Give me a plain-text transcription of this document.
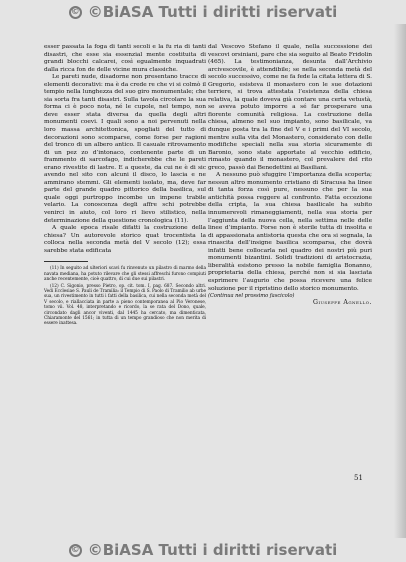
© ©BiASA Tutti i diritti riservati

esser passata la foga di tanti secoli e la fu ria di tanti disastri, che esse sia essenzial mente costituita di grandi blocchi calcarei, così egualmente inquadrati dalla ricca fon de delle vicine mura classiche.

Le pareti nude, disadorne non presentano tracce di elementi decorativi: ma è da crede re che vi si colmò il tempio nella lunghezza del suo giro monumentale; che sia sorta fra tanti disastri. Sulla tavola circolare la sua forma ci è poco nota, né le cupole, nel tempo, non deve esser stata diversa da quella degli altri monumenti coevi. I quali sono a noi pervenuti nella loro massa architettonica, spogliati del tutto di decorazioni sono scomparse, come forse per ragioni del tronco di un albero antico. Il casuale ritrovamento di un pez zo d’intonaco, contenente parte di un frammento di sarcofago, indicherebbe che le pareti erano rivestite di lastre. E a queste, da cui ne è di sic avendo nel sito con alcuni il disco, lo lascia e ne ammirano stemmi. Gli elementi isolato, ma, deve far parte del grande quadro pittorico della basilica, sul quale oggi purtroppo incombe un impene trabile velario. La conoscenza degli affre schi potrebbe venirci in aiuto, col loro ri lievo stilistico, nella determinazione della questione cronologica (11).

A quale epoca risale difatti la costruzione della chiesa? Un autorevole storico quat trocentista la colloca nella seconda metà del V secolo (12); essa sarebbe stata edificata

(11) In seguito ad ulteriori scavi fu rinvenuto un pilastro di marmo della navata mediana, ha potuto rilevare che gli stessi affreschi furono compiuti anche recentemente, cioè quattro, di cui due sui pilastri.

(12) C. Sigonio, presso Pietro, op. cit. tom. I, pag. 687. Secondo altri. Vedi Ecclesiae S. Pauli de Tramilia: il Tempio di S. Paolo di Tramilio ab urbe sua, un rivestimento in tutti i fatti della basilica, cui nella seconda metà del V secolo, e riallacciata in parte a pieno contemporanea al Pio Veronese, tomo vii. Vol. 48, interpretando e ricordo, la se rata del Dono, quale, circondato dagli ancor viventi, dal 1445 ha cercato, ma dimenticata, Chiaramonte del 1561; in tutta di un tempo grandioso che non merita di essere inattesa.

dal Vescovo Stefano il quale, nella successione dei vescovi orsiniani, pare che sia seguito al Beato Fridolin (465). La testimonianza, desunta dall’Archivio arcivescovile, è attendibile; se nella seconda metà del secolo successivo, come ne fa fede la citata lettera di S. Gregorio, esisteva il monastero con le sue dotazioni terriere, si trova attestata l’esistenza della chiesa relativa, la quale doveva già contare una certa vetustà, se aveva potuto imporre a sé far prosperare una fiorente comunità religiosa. La costruzione della chiesa, almeno nel suo impianto, sono basilicale, va dunque posta tra la fine del V e i primi del VI secolo, mentre sulla vita del Monastero, considerato con delle modifiche speciali nella sua storia sicuramente di Baronio, sono state apportate al vecchio edificio, rimasto quando il monastero, col prevalere del rito greco, passò dai Benedettini ai Basiliani.

A nessuno può sfuggire l’importanza della scoperta; nessun altro monumento cristiano di Siracusa ha linee di tanta forza così pure, nessuno che per la sua antichità possa reggere al confronto. Fatta eccezione della cripta, la sua chiesa basilicale ha subito innumerevoli rimaneggiamenti, nella sua storia per l’aggiunta della nuova cella, nella settima nelle delle linee d’impianto. Forse non è sterile tutta di insolita e di appassionata antistoria questa che ora si segnala, la rinascita dell’insigne basilica scomparsa, che dovrà infatti bene collocarla nel quadro dei nostri più puri monumenti bizantini. Solidi tradizioni di aristocrazia, liberalità esistono presso la nobile famiglia Bonanno, proprietaria della chiesa, perché non si sia lasciata esprimere l’augurio che possa ricevere una felice soluzione per il ripristino dello storico monumento.

(Continua nel prossimo fascicolo)

Giuseppe Agnello.

51
© ©BiASA Tutti i diritti riservati
